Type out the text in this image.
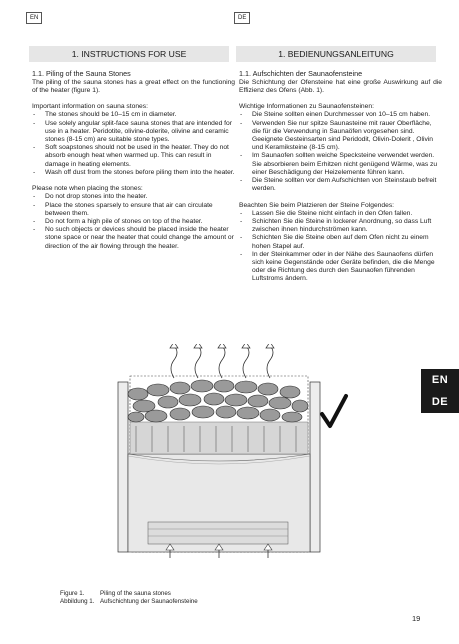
EN	DE
1. INSTRUCTIONS FOR USE	1. BEDIENUNGSANLEITUNG

1.1. Piling of the Sauna Stones

The piling of the sauna stones has a great effect on the functioning of the heater (figure 1).

Important information on sauna stones:

- The stones should be 10–15 cm in diameter.
- Use solely angular split-face sauna stones that are intended for use in a heater. Peridotite, olivine-dolerite, olivine and ceramic stones (8-15 cm) are suitable stone types.
- Soft soapstones should not be used in the heater. They do not absorb enough heat when warmed up. This can result in damage in heating elements.
- Wash off dust from the stones before piling them into the heater.

Please note when placing the stones:

- Do not drop stones into the heater.
- Place the stones sparsely to ensure that air can circulate between them.
- Do not form a high pile of stones on top of the heater.
- No such objects or devices should be placed inside the heater stone space or near the heater that could change the amount or direction of the air flowing through the heater.

1.1. Aufschichten der Saunaofensteine

Die Schichtung der Ofensteine hat eine große Auswirkung auf die Effizienz des Ofens (Abb. 1).

Wichtige Informationen zu Saunaofensteinen:

- Die Steine sollten einen Durchmesser von 10–15 cm haben.
- Verwenden Sie nur spitze Saunasteine mit rauer Oberfläche, die für die Verwendung in Saunaöfen vorgesehen sind. Geeignete Gesteinsarten sind Peridodit, Olivin-Dolerit , Olivin und Keramiksteine (8-15 cm).
- Im Saunaofen sollten weiche Specksteine verwendet werden. Sie absorbieren beim Erhitzen nicht genügend Wärme, was zu einer Beschädigung der Heizelemente führen kann.
- Die Steine sollten vor dem Aufschichten von Steinstaub befreit werden.

Beachten Sie beim Platzieren der Steine Folgendes:

- Lassen Sie die Steine nicht einfach in den Ofen fallen.
- Schichten Sie die Steine in lockerer Anordnung, so dass Luft zwischen ihnen hindurchströmen kann.
- Schichten Sie die Steine oben auf dem Ofen nicht zu einem hohen Stapel auf.
- In der Steinkammer oder in der Nähe des Saunaofens dürfen sich keine Gegenstände oder Geräte befinden, die die Menge oder die Richtung des durch den Saunaofen führenden Luftstroms ändern.
EN
DE
Figure 1.	Piling of the sauna stones
Abbildung 1. Aufschichtung der Saunaofensteine
19
